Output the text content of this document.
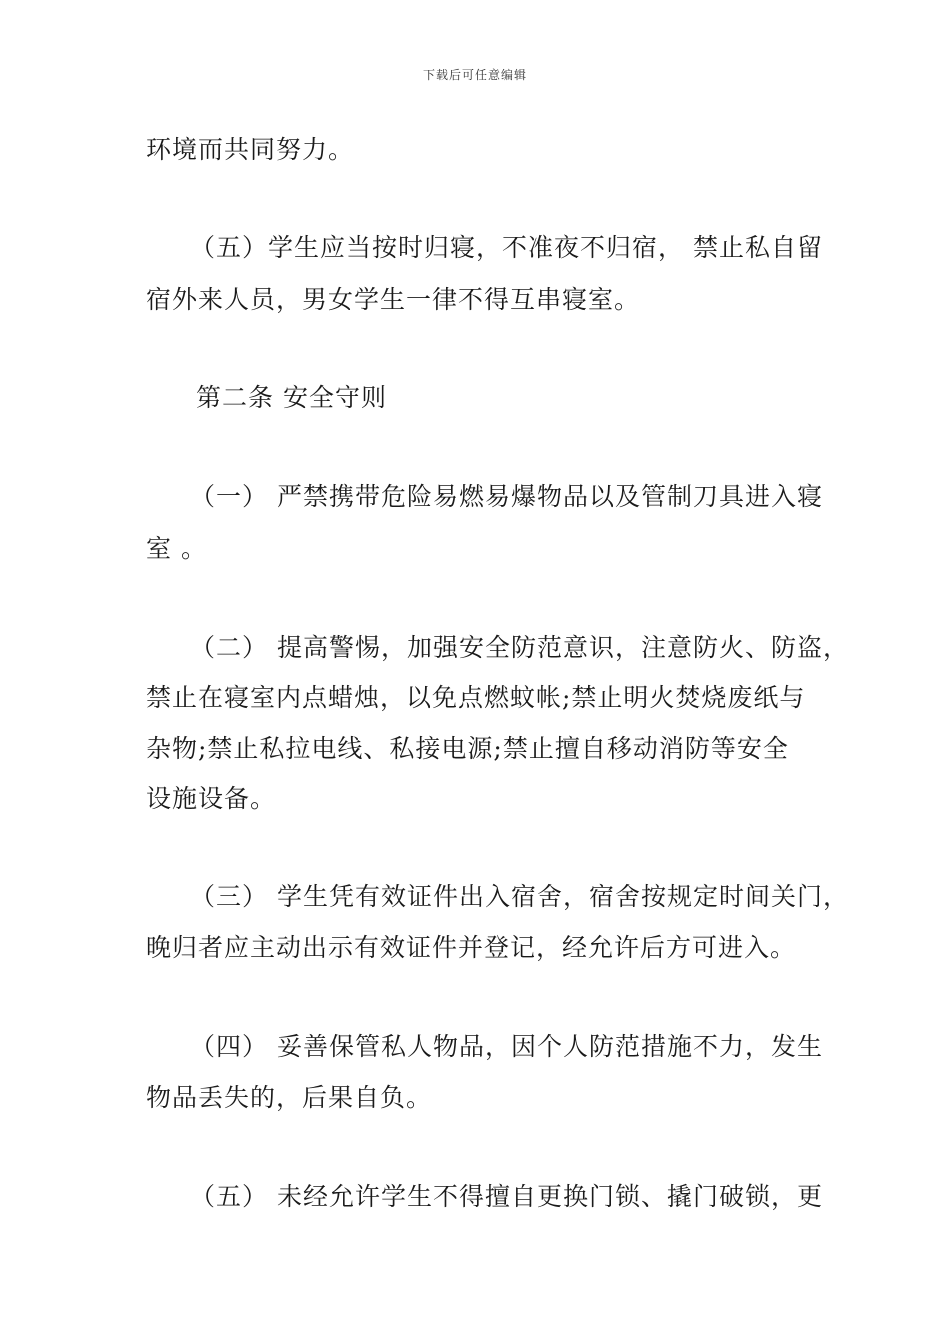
下载后可任意编辑
环境而共同努力。
（五）学生应当按时归寝，不准夜不归宿， 禁止私自留
宿外来人员，男女学生一律不得互串寝室。
第二条 安全守则
（一） 严禁携带危险易燃易爆物品以及管制刀具进入寝
室 。
（二） 提高警惕，加强安全防范意识，注意防火、防盗，
禁止在寝室内点蜡烛，以免点燃蚊帐;禁止明火焚烧废纸与
杂物;禁止私拉电线、私接电源;禁止擅自移动消防等安全
设施设备。
（三） 学生凭有效证件出入宿舍，宿舍按规定时间关门，
晚归者应主动出示有效证件并登记，经允许后方可进入。
（四） 妥善保管私人物品，因个人防范措施不力，发生
物品丢失的，后果自负。
（五） 未经允许学生不得擅自更换门锁、撬门破锁，更
